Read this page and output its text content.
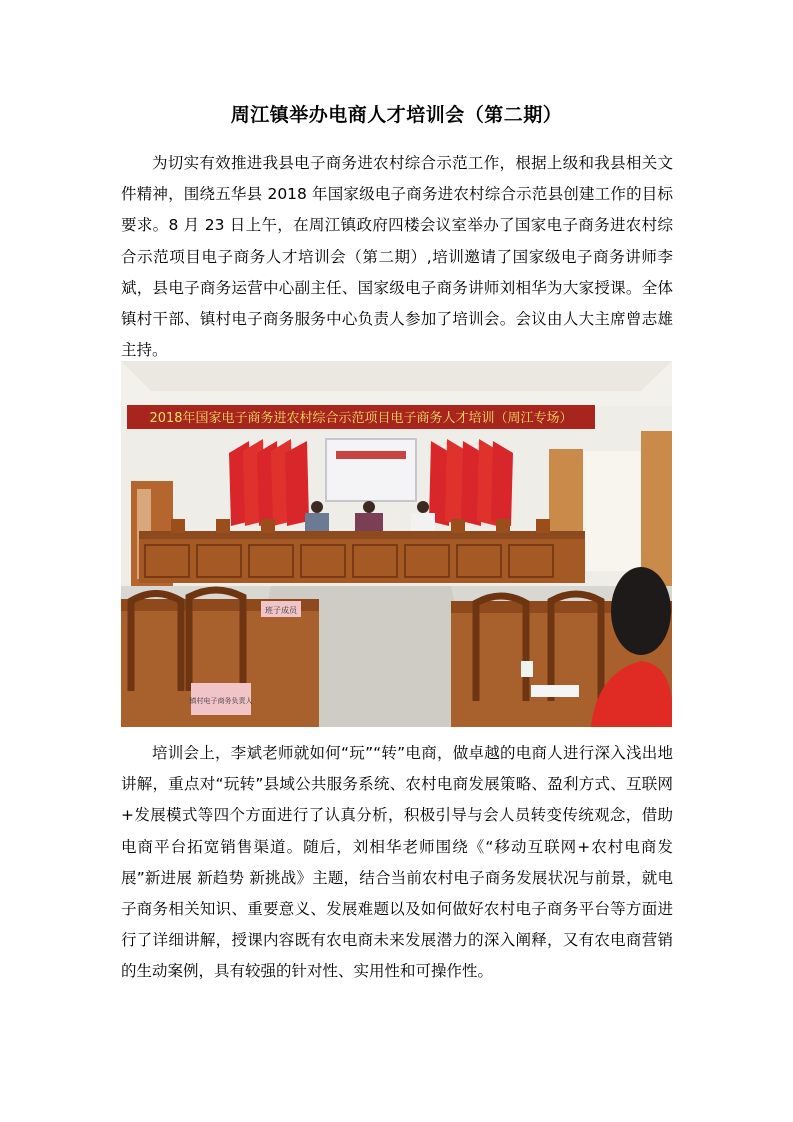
周江镇举办电商人才培训会（第二期）

为切实有效推进我县电子商务进农村综合示范工作，根据上级和我县相关文件精神，围绕五华县 2018 年国家级电子商务进农村综合示范县创建工作的目标要求。8 月 23 日上午，在周江镇政府四楼会议室举办了国家电子商务进农村综合示范项目电子商务人才培训会（第二期）,培训邀请了国家级电子商务讲师李斌，县电子商务运营中心副主任、国家级电子商务讲师刘相华为大家授课。全体镇村干部、镇村电子商务服务中心负责人参加了培训会。会议由人大主席曾志雄主持。

2018年国家电子商务进农村综合示范项目电子商务人才培训（周江专场）
班子成员
镇村电子商务负责人

培训会上，李斌老师就如何“玩”“转”电商，做卓越的电商人进行深入浅出地讲解，重点对“玩转”县域公共服务系统、农村电商发展策略、盈利方式、互联网+发展模式等四个方面进行了认真分析，积极引导与会人员转变传统观念，借助电商平台拓宽销售渠道。随后，刘相华老师围绕《“移动互联网+农村电商发展”新进展 新趋势 新挑战》主题，结合当前农村电子商务发展状况与前景，就电子商务相关知识、重要意义、发展难题以及如何做好农村电子商务平台等方面进行了详细讲解，授课内容既有农电商未来发展潜力的深入阐释，又有农电商营销的生动案例，具有较强的针对性、实用性和可操作性。
